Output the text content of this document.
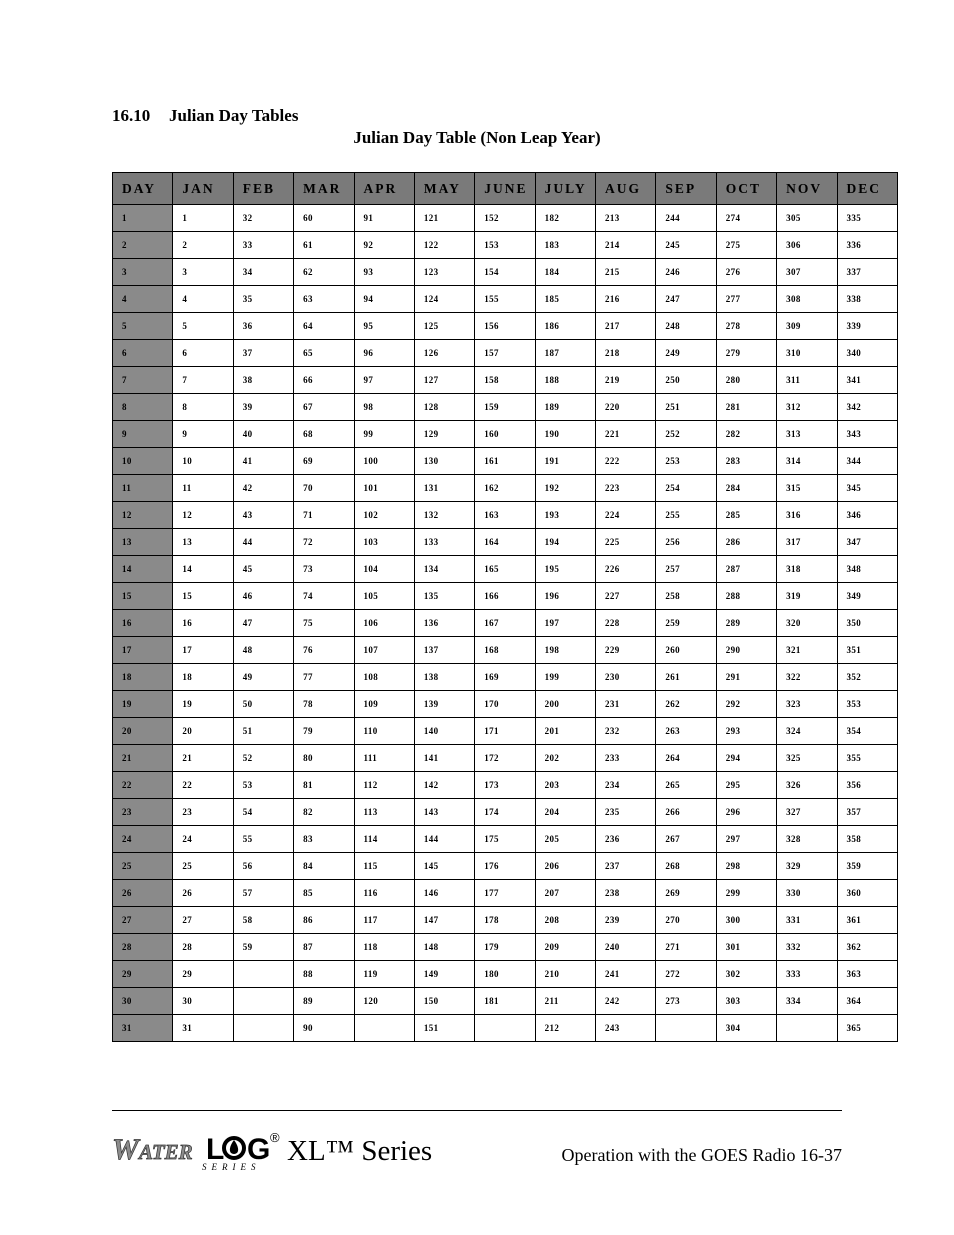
16.10 Julian Day Tables
Julian Day Table (Non Leap Year)
DAY	JAN	FEB	MAR	APR	MAY	JUNE	JULY	AUG	SEP	OCT	NOV	DEC
1	1	32	60	91	121	152	182	213	244	274	305	335
2	2	33	61	92	122	153	183	214	245	275	306	336
3	3	34	62	93	123	154	184	215	246	276	307	337
4	4	35	63	94	124	155	185	216	247	277	308	338
5	5	36	64	95	125	156	186	217	248	278	309	339
6	6	37	65	96	126	157	187	218	249	279	310	340
7	7	38	66	97	127	158	188	219	250	280	311	341
8	8	39	67	98	128	159	189	220	251	281	312	342
9	9	40	68	99	129	160	190	221	252	282	313	343
10	10	41	69	100	130	161	191	222	253	283	314	344
11	11	42	70	101	131	162	192	223	254	284	315	345
12	12	43	71	102	132	163	193	224	255	285	316	346
13	13	44	72	103	133	164	194	225	256	286	317	347
14	14	45	73	104	134	165	195	226	257	287	318	348
15	15	46	74	105	135	166	196	227	258	288	319	349
16	16	47	75	106	136	167	197	228	259	289	320	350
17	17	48	76	107	137	168	198	229	260	290	321	351
18	18	49	77	108	138	169	199	230	261	291	322	352
19	19	50	78	109	139	170	200	231	262	292	323	353
20	20	51	79	110	140	171	201	232	263	293	324	354
21	21	52	80	111	141	172	202	233	264	294	325	355
22	22	53	81	112	142	173	203	234	265	295	326	356
23	23	54	82	113	143	174	204	235	266	296	327	357
24	24	55	83	114	144	175	205	236	267	297	328	358
25	25	56	84	115	145	176	206	237	268	298	329	359
26	26	57	85	116	146	177	207	238	269	299	330	360
27	27	58	86	117	147	178	208	239	270	300	331	361
28	28	59	87	118	148	179	209	240	271	301	332	362
29	29		88	119	149	180	210	241	272	302	333	363
30	30		89	120	150	181	211	242	273	303	334	364
31	31		90		151		212	243		304		365
W ATER L G
SERIES
® XL™ Series	Operation with the GOES Radio 16-37
